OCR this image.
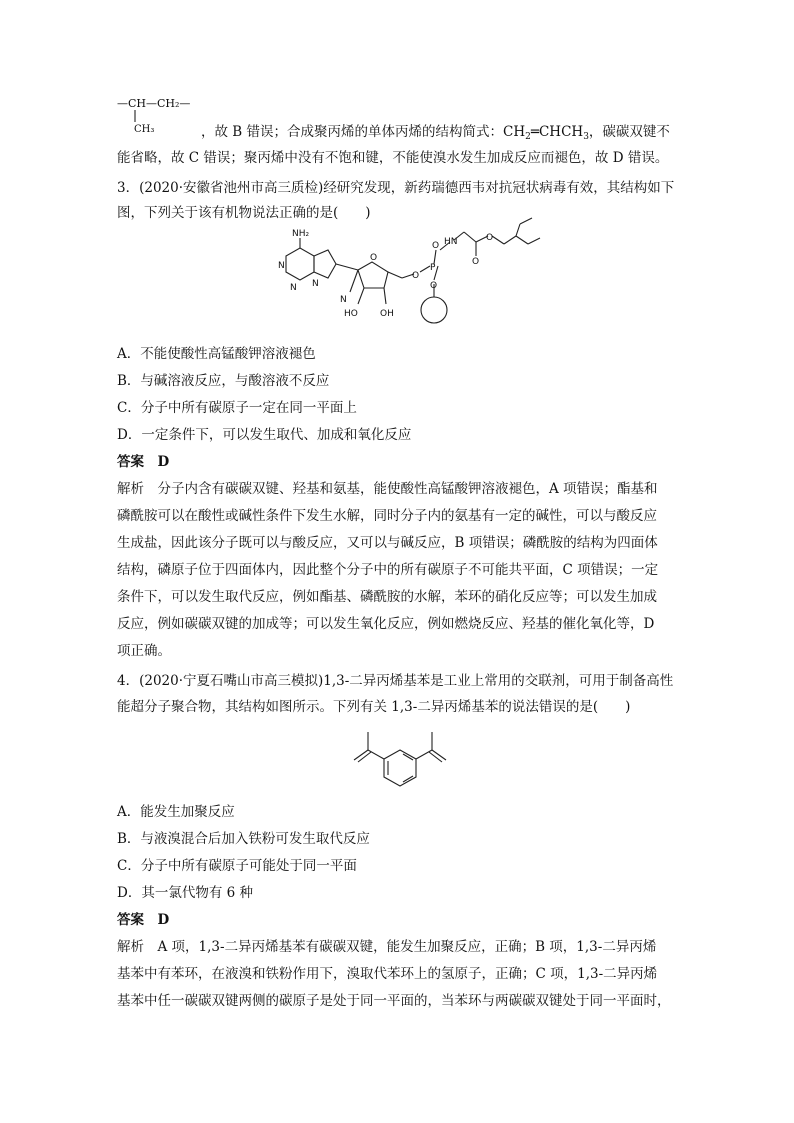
—CH—CH₂—
CH₃	，故 B 错误；合成聚丙烯的单体丙烯的结构简式：$CH_2═CHCH_3$，碳碳双键不
能省略，故 C 错误；聚丙烯中没有不饱和键，不能使溴水发生加成反应而褪色，故 D 错误。
3．(2020·安徽省池州市高三质检)经研究发现，新药瑞德西韦对抗冠状病毒有效，其结构如下
图，下列关于该有机物说法正确的是(　　)
NH₂
N
N N
O
N
HO OH
O
P
O
O
HN
O
O
A．不能使酸性高锰酸钾溶液褪色
B．与碱溶液反应，与酸溶液不反应
C．分子中所有碳原子一定在同一平面上
D．一定条件下，可以发生取代、加成和氧化反应
答案　D
解析　分子内含有碳碳双键、羟基和氨基，能使酸性高锰酸钾溶液褪色，A 项错误；酯基和
磷酰胺可以在酸性或碱性条件下发生水解，同时分子内的氨基有一定的碱性，可以与酸反应
生成盐，因此该分子既可以与酸反应，又可以与碱反应，B 项错误；磷酰胺的结构为四面体
结构，磷原子位于四面体内，因此整个分子中的所有碳原子不可能共平面，C 项错误；一定
条件下，可以发生取代反应，例如酯基、磷酰胺的水解，苯环的硝化反应等；可以发生加成
反应，例如碳碳双键的加成等；可以发生氧化反应，例如燃烧反应、羟基的催化氧化等，D
项正确。
4．(2020·宁夏石嘴山市高三模拟)1,3-二异丙烯基苯是工业上常用的交联剂，可用于制备高性
能超分子聚合物，其结构如图所示。下列有关 1,3-二异丙烯基苯的说法错误的是(　　)
A．能发生加聚反应
B．与液溴混合后加入铁粉可发生取代反应
C．分子中所有碳原子可能处于同一平面
D．其一氯代物有 6 种
答案　D
解析　A 项，1,3-二异丙烯基苯有碳碳双键，能发生加聚反应，正确；B 项，1,3-二异丙烯
基苯中有苯环，在液溴和铁粉作用下，溴取代苯环上的氢原子，正确；C 项，1,3-二异丙烯
基苯中任一碳碳双键两侧的碳原子是处于同一平面的，当苯环与两碳碳双键处于同一平面时，
